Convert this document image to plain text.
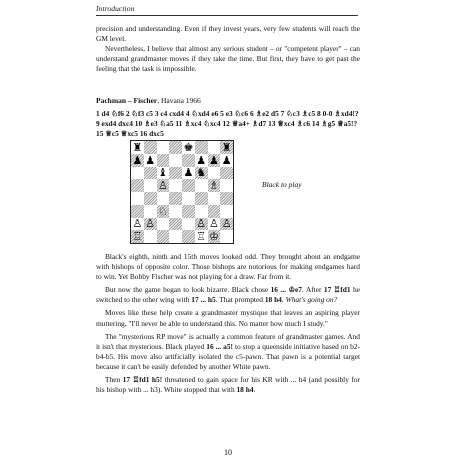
Introduction

precision and understanding. Even if they invest years, very few students will reach the GM level.

Nevertheless, I believe that almost any serious student – or "competent player" – can understand grandmaster moves if they take the time. But first, they have to get past the feeling that the task is impossible.

Pachman – Fischer, Havana 1966
1 d4 ♘f6 2 ♘f3 c5 3 c4 cxd4 4 ♘xd4 e6 5 e3 ♘c6 6 ♗e2 d5 7 ♘c3 ♗c5 8 0-0 ♗xd4!? 9 exd4 dxc4 10 ♗e3 ♘a5 11 ♗xc4 ♘xc4 12 ♕a4+ ♗d7 13 ♕xc4 ♗c6 14 ♗g5 ♕a5!? 15 ♕c5 ♕xc5 16 dxc5
♜	♚	♜
♟ ♟	♟ ♟ ♟
♝ ♟ ♞
♙	♗
♘
♙ ♙	♙ ♙ ♙
♖	♖ ♔
Black to play

Black's eighth, ninth and 15th moves looked odd. They brought about an endgame with bishops of opposite color. Those bishops are notorious for making endgames hard to win. Yet Bobby Fischer was not playing for a draw. Far from it.

But now the game began to look bizarre. Black chose 16 ... ♔e7. After 17 ♖fd1 he switched to the other wing with 17 ... h5. That prompted 18 h4. What's going on?

Moves like these help create a grandmaster mystique that leaves an aspiring player muttering, "I'll never be able to understand this. No matter how much I study."

The "mysterious RP move" is actually a common feature of grandmaster games. And it isn't that mysterious. Black played 16 ... a5! to stop a queenside initiative based on b2-b4-b5. His move also artificially isolated the c5-pawn. That pawn is a potential target because it can't be easily defended by another White pawn.

Then 17 ♖fd1 h5! threatened to gain space for his KR with ... h4 (and possibly for his bishop with ... h3). White stopped that with 18 h4.

10
